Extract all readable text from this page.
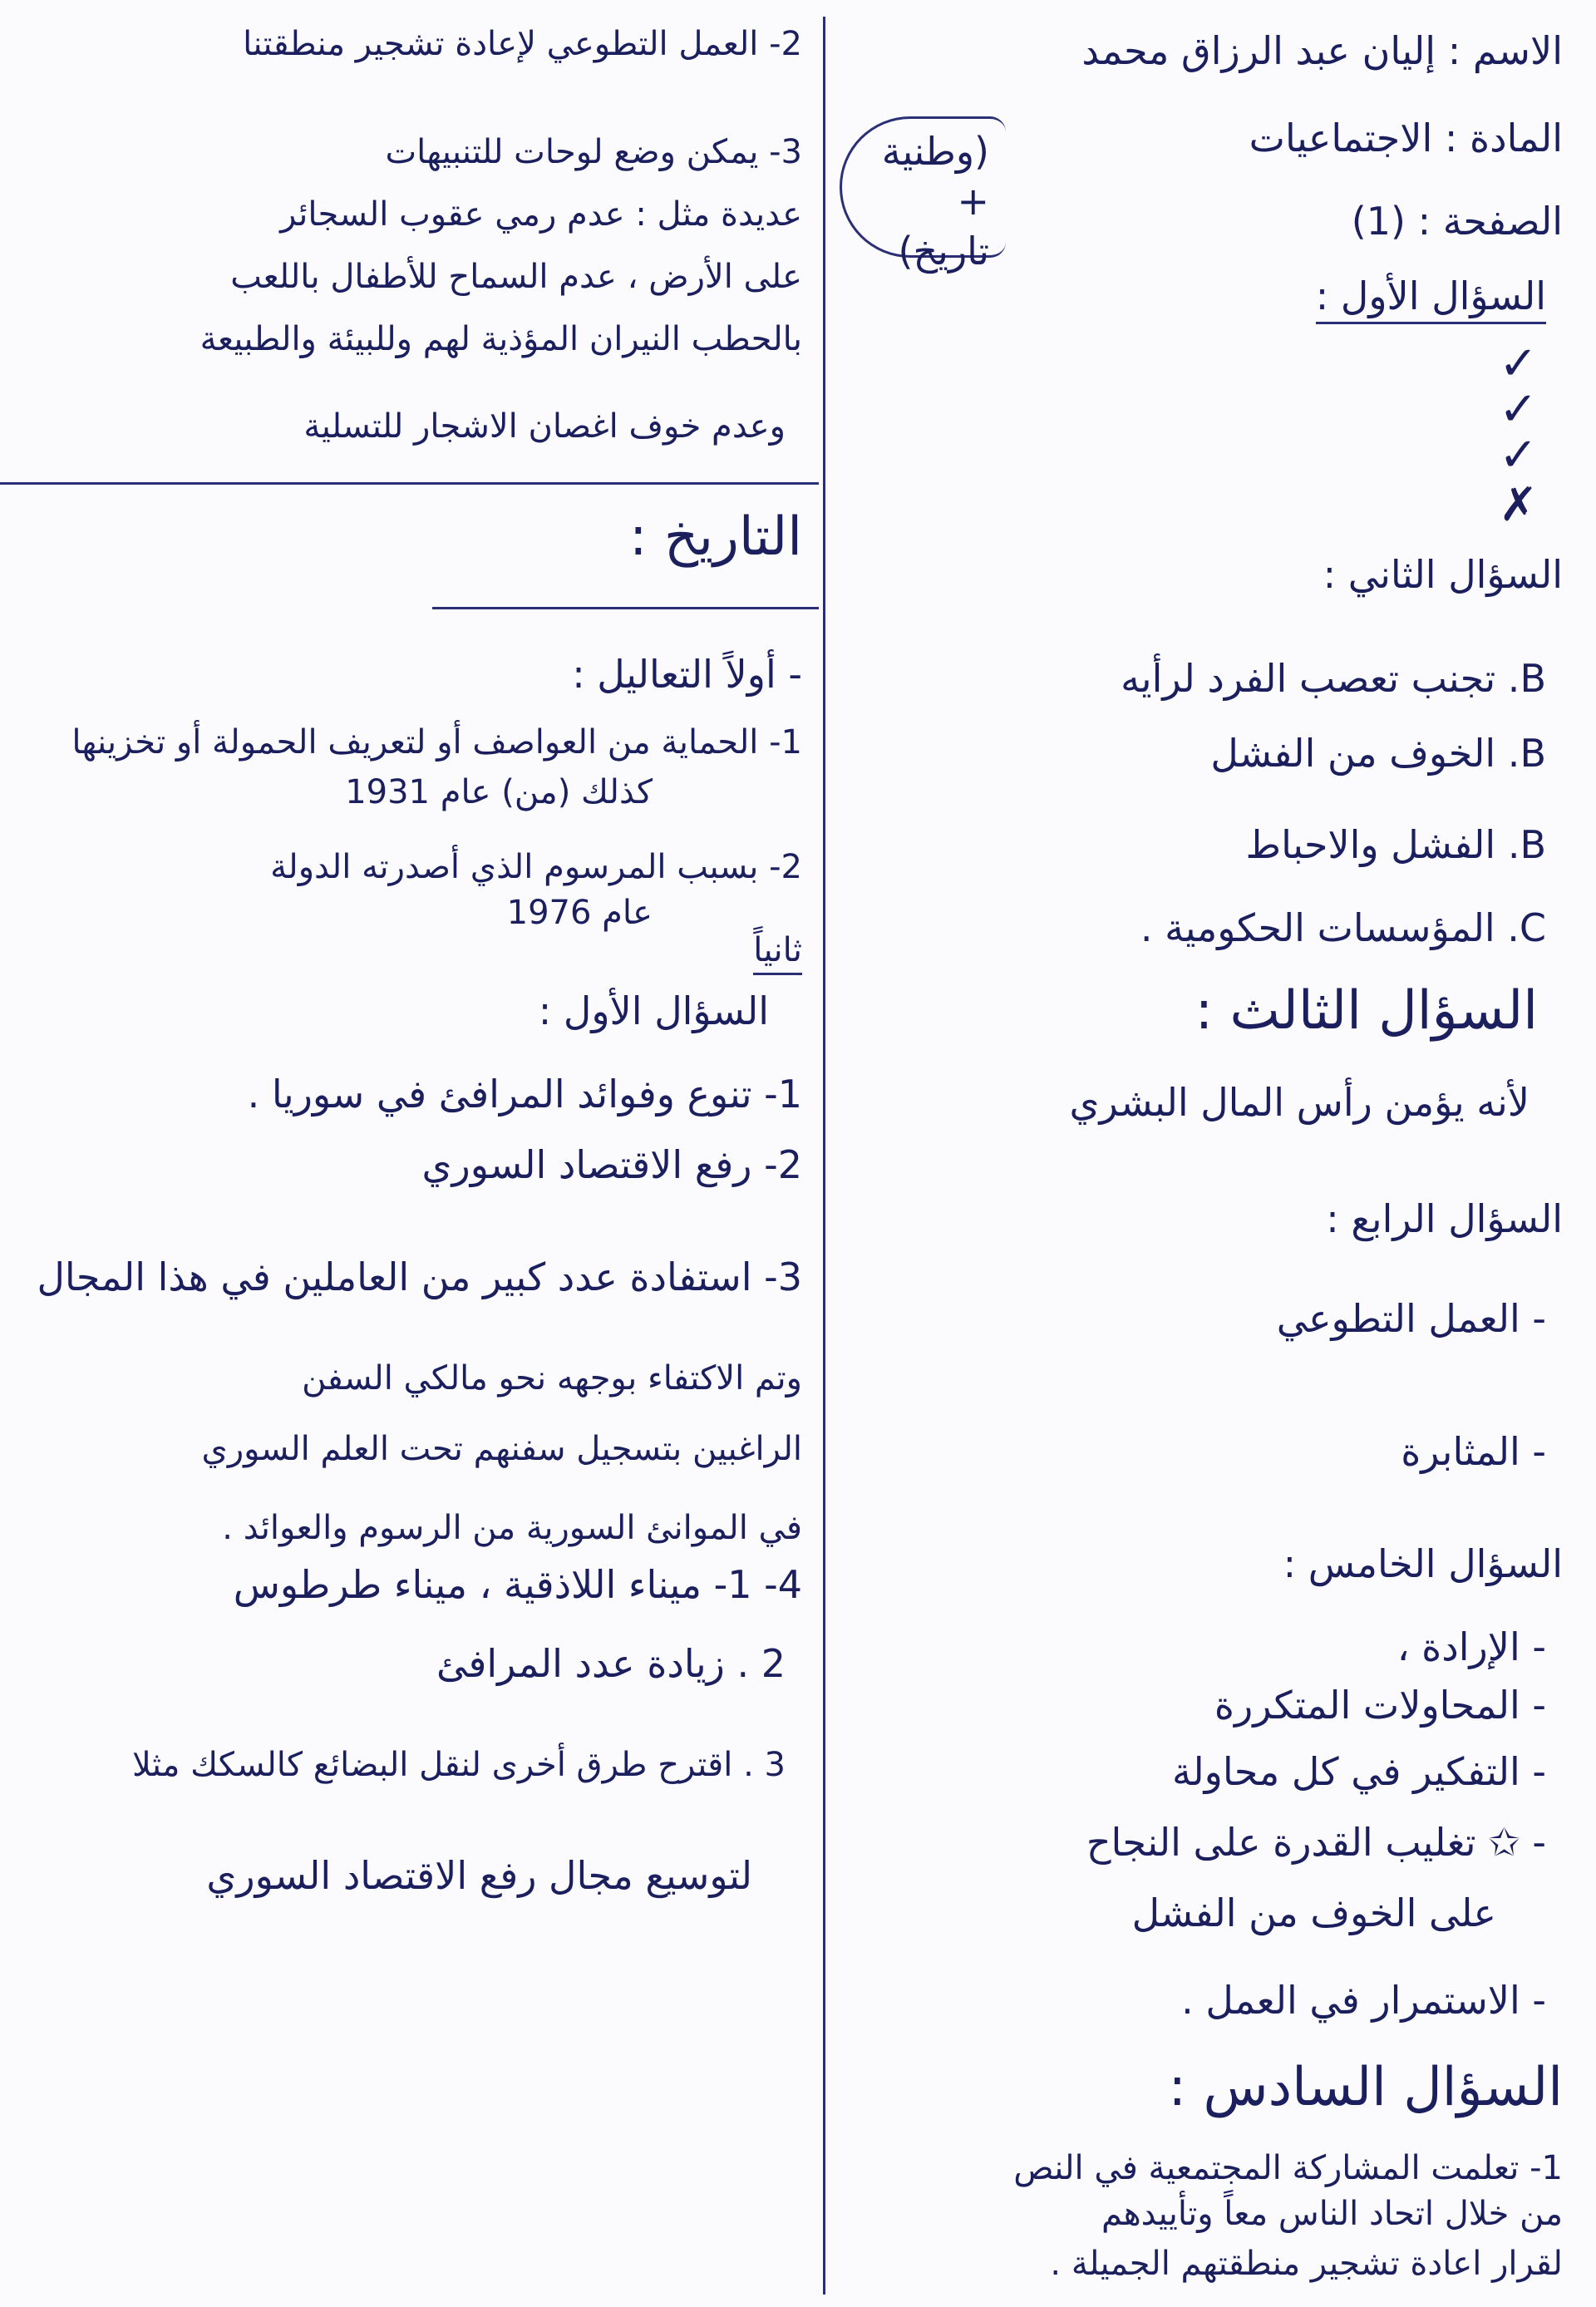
الاسم : إليان عبد الرزاق محمد
المادة : الاجتماعيات
الصفحة : (1)
السؤال الأول :
✓
✓
✓
✗
السؤال الثاني :
B. تجنب تعصب الفرد لرأيه
B. الخوف من الفشل
B. الفشل والاحباط
C. المؤسسات الحكومية .
السؤال الثالث :
لأنه يؤمن رأس المال البشري
السؤال الرابع :
- العمل التطوعي
- المثابرة
السؤال الخامس :
- الإرادة ،
- المحاولات المتكررة
- التفكير في كل محاولة
- ✩ تغليب القدرة على النجاح
على الخوف من الفشل
- الاستمرار في العمل .
السؤال السادس :
1- تعلمت المشاركة المجتمعية في النص
من خلال اتحاد الناس معاً وتأييدهم
لقرار اعادة تشجير منطقتهم الجميلة .
(وطنية + تاريخ)
2- العمل التطوعي لإعادة تشجير منطقتنا
3- يمكن وضع لوحات للتنبيهات
عديدة مثل : عدم رمي عقوب السجائر
على الأرض ، عدم السماح للأطفال باللعب
بالحطب النيران المؤذية لهم وللبيئة والطبيعة
وعدم خوف اغصان الاشجار للتسلية
التاريخ :
- أولاً التعاليل :
1- الحماية من العواصف أو لتعريف الحمولة أو تخزينها
كذلك (من) عام 1931
2- بسبب المرسوم الذي أصدرته الدولة
عام 1976
ثانياً
السؤال الأول :
1- تنوع وفوائد المرافئ في سوريا .
2- رفع الاقتصاد السوري
3- استفادة عدد كبير من العاملين في هذا المجال
وتم الاكتفاء بوجهه نحو مالكي السفن
الراغبين بتسجيل سفنهم تحت العلم السوري
في الموانئ السورية من الرسوم والعوائد .
4- 1- ميناء اللاذقية ، ميناء طرطوس
2 . زيادة عدد المرافئ
3 . اقترح طرق أخرى لنقل البضائع كالسكك مثلا
لتوسيع مجال رفع الاقتصاد السوري
